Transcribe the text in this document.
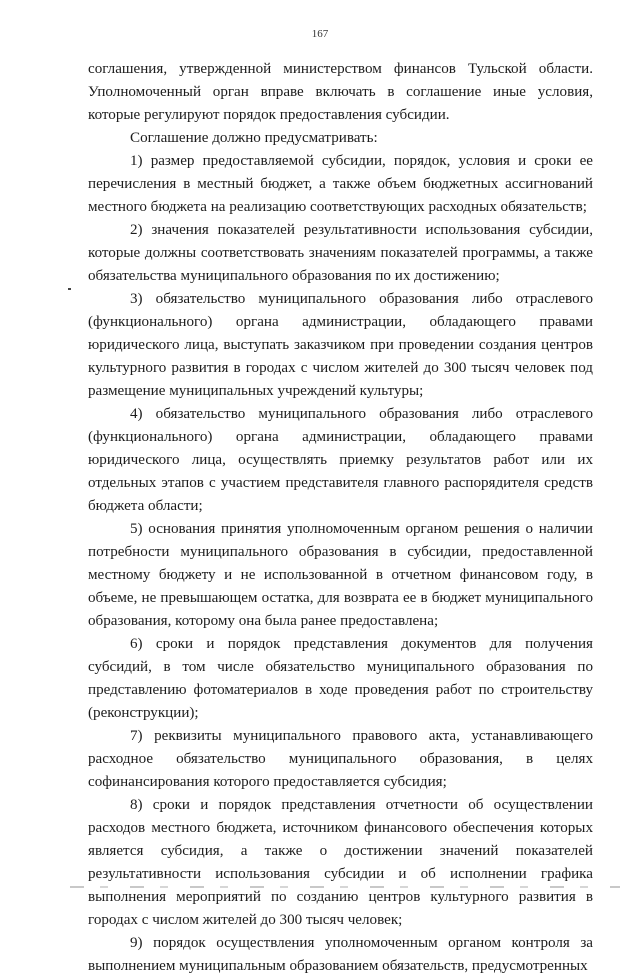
167

соглашения, утвержденной министерством финансов Тульской области. Уполномоченный орган вправе включать в соглашение иные условия, которые регулируют порядок предоставления субсидии.

Соглашение должно предусматривать:

1) размер предоставляемой субсидии, порядок, условия и сроки ее перечисления в местный бюджет, а также объем бюджетных ассигнований местного бюджета на реализацию соответствующих расходных обязательств;

2) значения показателей результативности использования субсидии, которые должны соответствовать значениям показателей программы, а также обязательства муниципального образования по их достижению;

3) обязательство муниципального образования либо отраслевого (функционального) органа администрации, обладающего правами юридического лица, выступать заказчиком при проведении создания центров культурного развития в городах с числом жителей до 300 тысяч человек под размещение муниципальных учреждений культуры;

4) обязательство муниципального образования либо отраслевого (функционального) органа администрации, обладающего правами юридического лица, осуществлять приемку результатов работ или их отдельных этапов с участием представителя главного распорядителя средств бюджета области;

5) основания принятия уполномоченным органом решения о наличии потребности муниципального образования в субсидии, предоставленной местному бюджету и не использованной в отчетном финансовом году, в объеме, не превышающем остатка, для возврата ее в бюджет муниципального образования, которому она была ранее предоставлена;

6) сроки и порядок представления документов для получения субсидий, в том числе обязательство муниципального образования по представлению фотоматериалов в ходе проведения работ по строительству (реконструкции);

7) реквизиты муниципального правового акта, устанавливающего расходное обязательство муниципального образования, в целях софинансирования которого предоставляется субсидия;

8) сроки и порядок представления отчетности об осуществлении расходов местного бюджета, источником финансового обеспечения которых является субсидия, а также о достижении значений показателей результативности использования субсидии и об исполнении графика выполнения мероприятий по созданию центров культурного развития в городах с числом жителей до 300 тысяч человек;

9) порядок осуществления уполномоченным органом контроля за выполнением муниципальным образованием обязательств, предусмотренных
